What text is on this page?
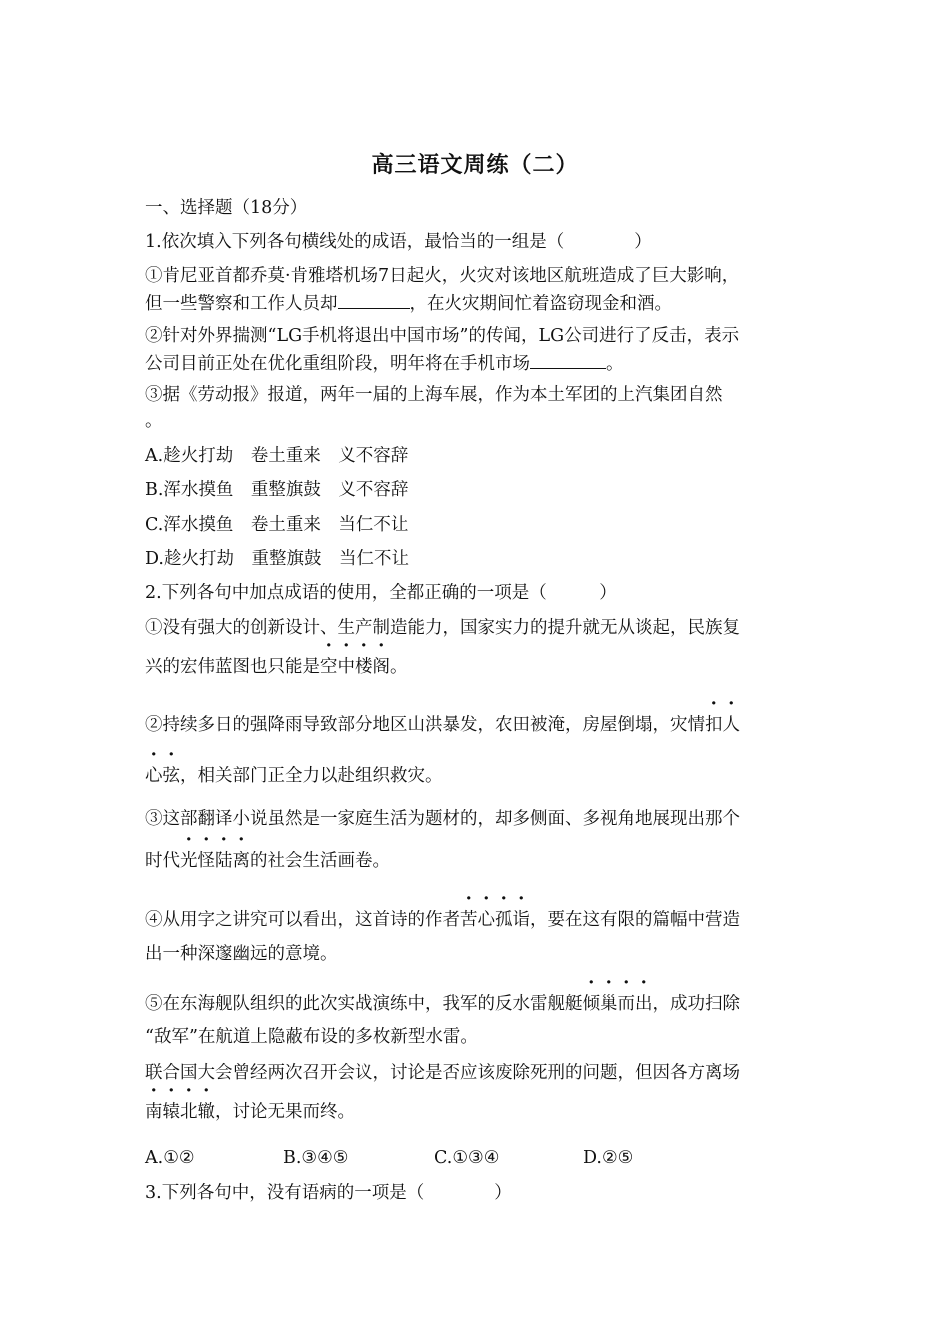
高三语文周练（二）
一、选择题（18分）
1.依次填入下列各句横线处的成语，最恰当的一组是（　　　　）
①肯尼亚首都乔莫·肯雅塔机场7日起火，火灾对该地区航班造成了巨大影响，
但一些警察和工作人员却	，在火灾期间忙着盗窃现金和酒。
②针对外界揣测“LG手机将退出中国市场”的传闻，LG公司进行了反击，表示
公司目前正处在优化重组阶段，明年将在手机市场	。
③据《劳动报》报道，两年一届的上海车展，作为本土军团的上汽集团自然
。
A.趁火打劫　卷土重来　义不容辞
B.浑水摸鱼　重整旗鼓　义不容辞
C.浑水摸鱼　卷土重来　当仁不让
D.趁火打劫　重整旗鼓　当仁不让
2.下列各句中加点成语的使用，全都正确的一项是（　　　）
①没有强大的创新设计、生产制造能力，国家实力的提升就无从谈起，民族复
兴的宏伟蓝图也只能是空中楼阁。
②持续多日的强降雨导致部分地区山洪暴发，农田被淹，房屋倒塌，灾情扣人
心弦，相关部门正全力以赴组织救灾。
③这部翻译小说虽然是一家庭生活为题材的，却多侧面、多视角地展现出那个
时代光怪陆离的社会生活画卷。
④从用字之讲究可以看出，这首诗的作者苦心孤诣，要在这有限的篇幅中营造
出一种深邃幽远的意境。
⑤在东海舰队组织的此次实战演练中，我军的反水雷舰艇倾巢而出，成功扫除
“敌军”在航道上隐蔽布设的多枚新型水雷。
联合国大会曾经两次召开会议，讨论是否应该废除死刑的问题，但因各方离场
南辕北辙，讨论无果而终。
A.①②	B.③④⑤	C.①③④	D.②⑤
3.下列各句中，没有语病的一项是（　　　　）
